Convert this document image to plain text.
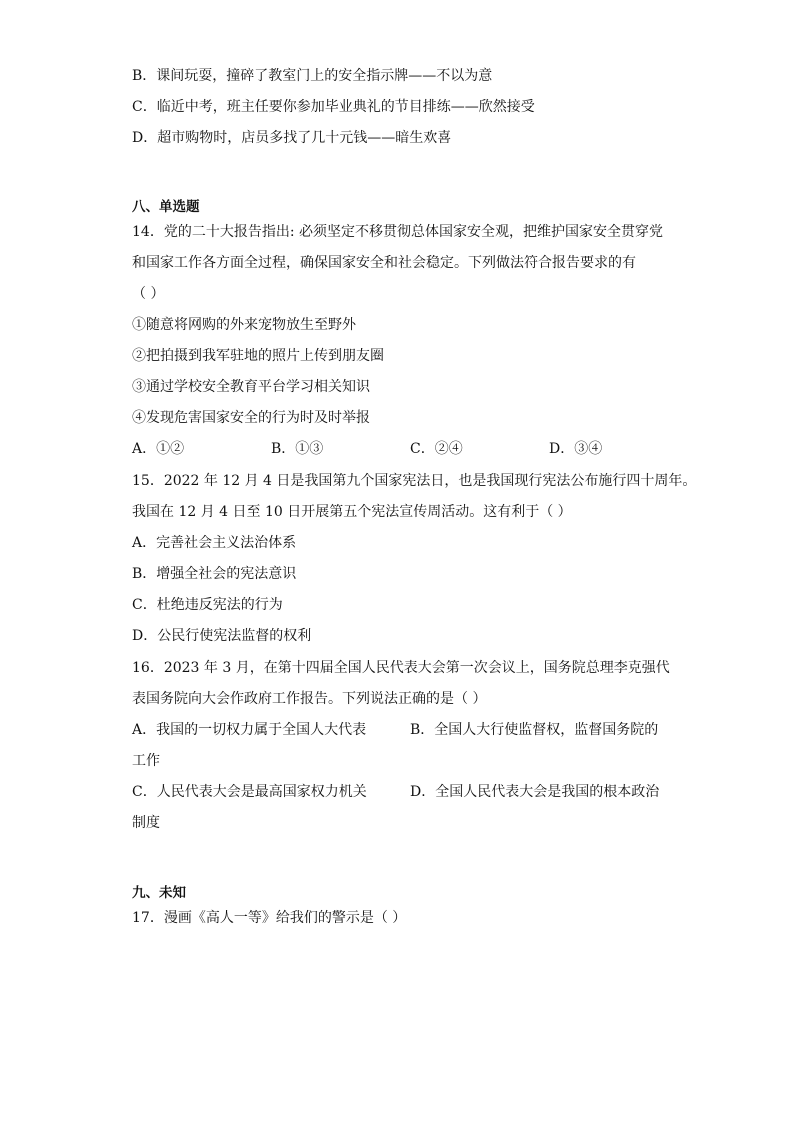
B．课间玩耍，撞碎了教室门上的安全指示牌——不以为意
C．临近中考，班主任要你参加毕业典礼的节目排练——欣然接受
D．超市购物时，店员多找了几十元钱——暗生欢喜
八、单选题
14．党的二十大报告指出: 必须坚定不移贯彻总体国家安全观，把维护国家安全贯穿党
和国家工作各方面全过程，确保国家安全和社会稳定。下列做法符合报告要求的有
（ ）
①随意将网购的外来宠物放生至野外
②把拍摄到我军驻地的照片上传到朋友圈
③通过学校安全教育平台学习相关知识
④发现危害国家安全的行为时及时举报
A．①②	B．①③	C．②④	D．③④
15．2022 年 12 月 4 日是我国第九个国家宪法日，也是我国现行宪法公布施行四十周年。
我国在 12 月 4 日至 10 日开展第五个宪法宣传周活动。这有利于（ ）
A．完善社会主义法治体系
B．增强全社会的宪法意识
C．杜绝违反宪法的行为
D．公民行使宪法监督的权利
16．2023 年 3 月，在第十四届全国人民代表大会第一次会议上，国务院总理李克强代
表国务院向大会作政府工作报告。下列说法正确的是（ ）
A．我国的一切权力属于全国人大代表	B．全国人大行使监督权，监督国务院的
工作
C．人民代表大会是最高国家权力机关	D．全国人民代表大会是我国的根本政治
制度
九、未知
17．漫画《高人一等》给我们的警示是（ ）
